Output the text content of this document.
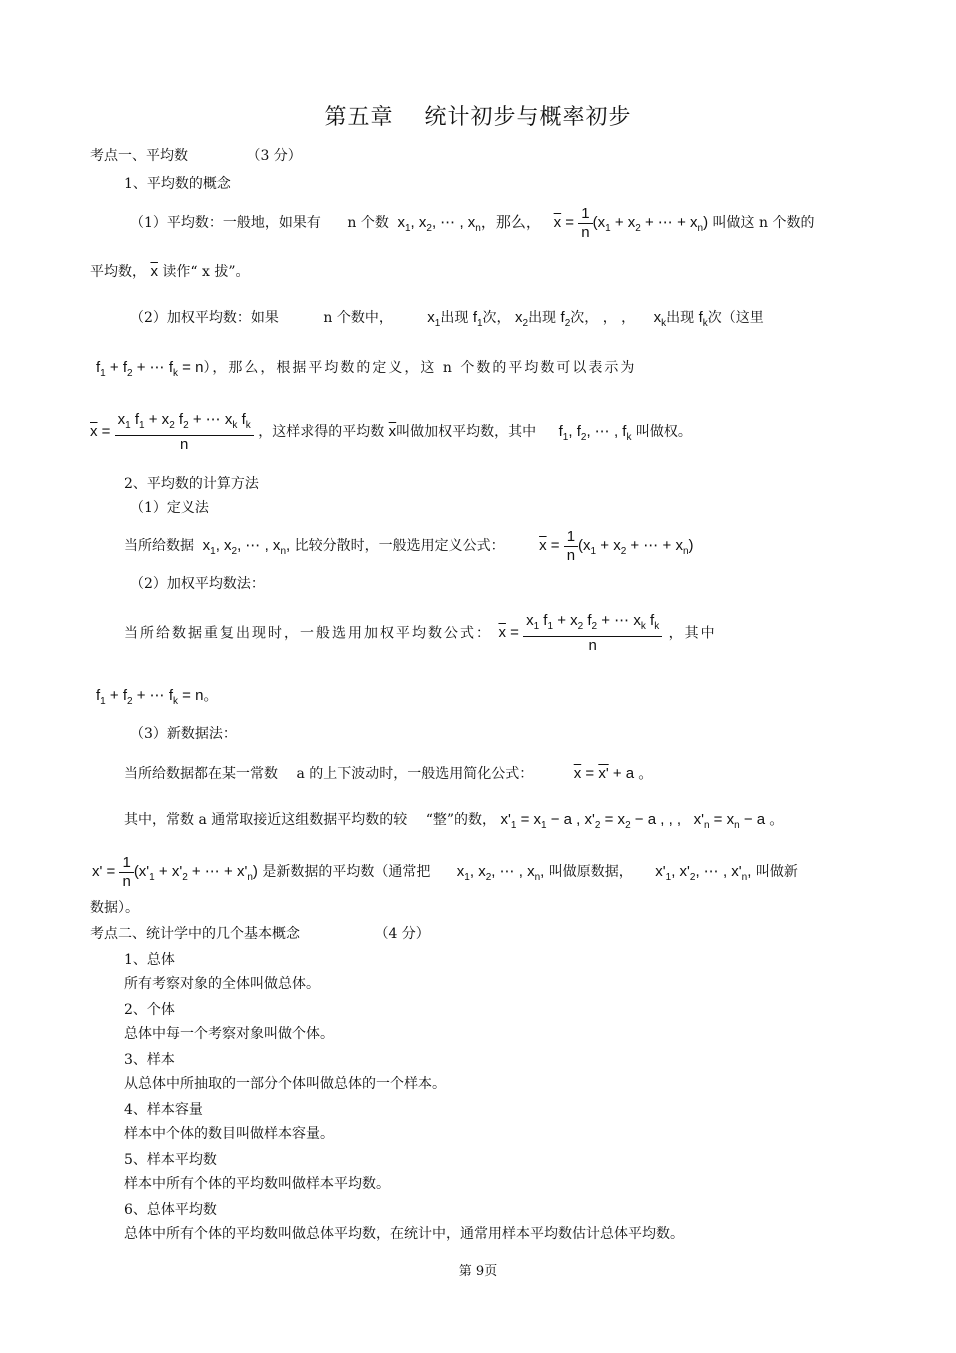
第五章　 统计初步与概率初步
考点一、平均数	（3 分）
1、平均数的概念
（1）平均数：一般地，如果有 n 个数  $x_1$, $x_2$, ⋯ , $x_n$，那么，   $\overline{x} = \frac{1}{n} (x_1 + x_2$ + ⋯ + $x_n$) 叫做这 n 个数的
平均数， $\overline{x}$ 读作“ x 拔”。
（2）加权平均数：如果	n 个数中， $x_1$出现 $f_1$次， $x_2$出现 $f_2$次， ， ， $x_k$出现 $f_k$次（这里
$f_1 + f_2$ + ⋯ $f_k = n$），那么，根据平均数的定义，这 n 个数的平均数可以表示为
$\overline{x} = \frac{x_1 f_1 + x_2 f_2 + \cdots x_k f_k}{n}$ ，这样求得的平均数 $\overline{x}$叫做加权平均数，其中 $f_1$, $f_2$, ⋯ , $f_k$ 叫做权。
2、平均数的计算方法
（1）定义法
当所给数据  $x_1$, $x_2$, ⋯ , $x_n$, 比较分散时，一般选用定义公式： $\overline{x} = \frac{1}{n} (x_1 + x_2$ + ⋯ + $x_n$)
（2）加权平均数法：
当所给数据重复出现时，一般选用加权平均数公式： $\overline{x} = \frac{x_1 f_1 + x_2 f_2 + \cdots x_k f_k}{n}$ ，其中
$f_1 + f_2$ + ⋯ $f_k = n$。
（3）新数据法：
当所给数据都在某一常数　 a 的上下波动时，一般选用简化公式：	$\overline{x} = x' + a$ 。
其中，常数 a 通常取接近这组数据平均数的较　 “整”的数， $x'_1 = x_1 - a$ , $x'_2 = x_2 - a$ , , ,   $x'_n = x_n - a$ 。
$x' = \frac{1}{n} (x'_1 + x'_2$ + ⋯ + $x'_n$) 是新数据的平均数（通常把 $x_1$, $x_2$, ⋯ , $x_n$, 叫做原数据， $x'_1$, $x'_2$, ⋯ , $x'_n$, 叫做新
数据）。
考点二、统计学中的几个基本概念	（4 分）
1、总体
所有考察对象的全体叫做总体。
2、个体
总体中每一个考察对象叫做个体。
3、样本
从总体中所抽取的一部分个体叫做总体的一个样本。
4、样本容量
样本中个体的数目叫做样本容量。
5、样本平均数
样本中所有个体的平均数叫做样本平均数。
6、总体平均数
总体中所有个体的平均数叫做总体平均数，在统计中，通常用样本平均数估计总体平均数。
第 9页
